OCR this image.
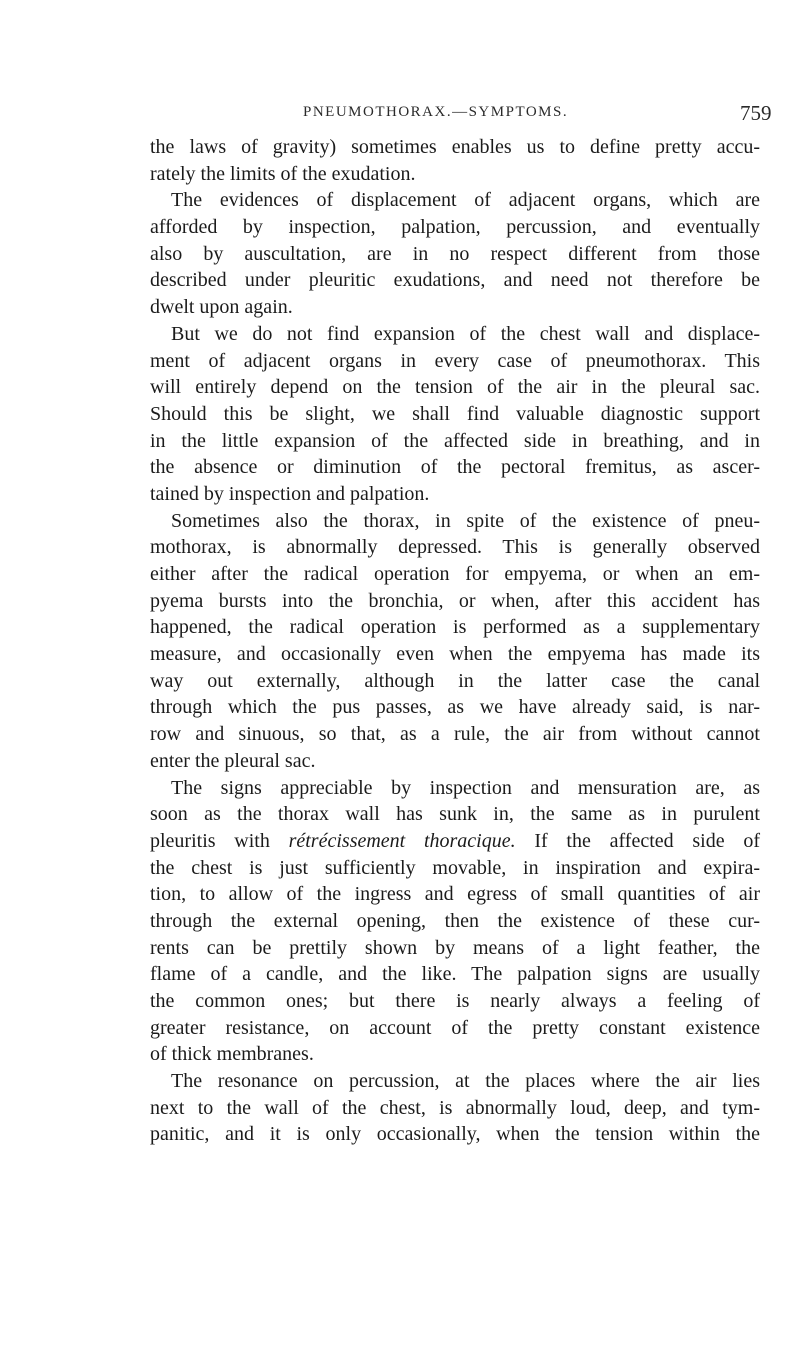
PNEUMOTHORAX.—SYMPTOMS.	759
the laws of gravity) sometimes enables us to define pretty accu-
rately the limits of the exudation.
The evidences of displacement of adjacent organs, which are
afforded by inspection, palpation, percussion, and eventually
also by auscultation, are in no respect different from those
described under pleuritic exudations, and need not therefore be
dwelt upon again.
But we do not find expansion of the chest wall and displace-
ment of adjacent organs in every case of pneumothorax. This
will entirely depend on the tension of the air in the pleural sac.
Should this be slight, we shall find valuable diagnostic support
in the little expansion of the affected side in breathing, and in
the absence or diminution of the pectoral fremitus, as ascer-
tained by inspection and palpation.
Sometimes also the thorax, in spite of the existence of pneu-
mothorax, is abnormally depressed. This is generally observed
either after the radical operation for empyema, or when an em-
pyema bursts into the bronchia, or when, after this accident has
happened, the radical operation is performed as a supplementary
measure, and occasionally even when the empyema has made its
way out externally, although in the latter case the canal
through which the pus passes, as we have already said, is nar-
row and sinuous, so that, as a rule, the air from without cannot
enter the pleural sac.
The signs appreciable by inspection and mensuration are, as
soon as the thorax wall has sunk in, the same as in purulent
pleuritis with rétrécissement thoracique. If the affected side of
the chest is just sufficiently movable, in inspiration and expira-
tion, to allow of the ingress and egress of small quantities of air
through the external opening, then the existence of these cur-
rents can be prettily shown by means of a light feather, the
flame of a candle, and the like. The palpation signs are usually
the common ones; but there is nearly always a feeling of
greater resistance, on account of the pretty constant existence
of thick membranes.
The resonance on percussion, at the places where the air lies
next to the wall of the chest, is abnormally loud, deep, and tym-
panitic, and it is only occasionally, when the tension within the
